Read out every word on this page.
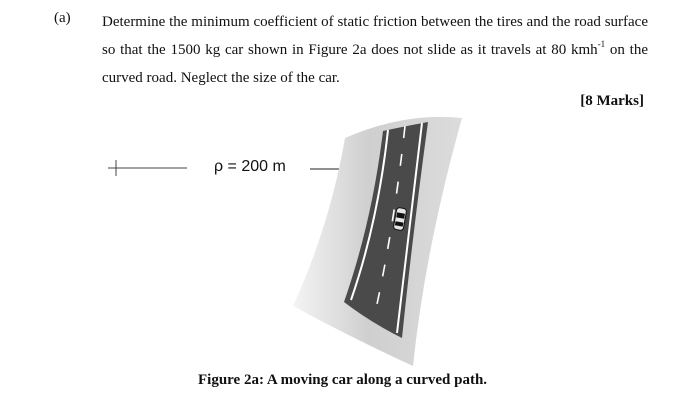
(a) Determine the minimum coefficient of static friction between the tires and the road surface so that the 1500 kg car shown in Figure 2a does not slide as it travels at 80 kmh$^{-1}$ on the curved road. Neglect the size of the car.
[8 Marks]
ρ = 200 m
Figure 2a: A moving car along a curved path.
